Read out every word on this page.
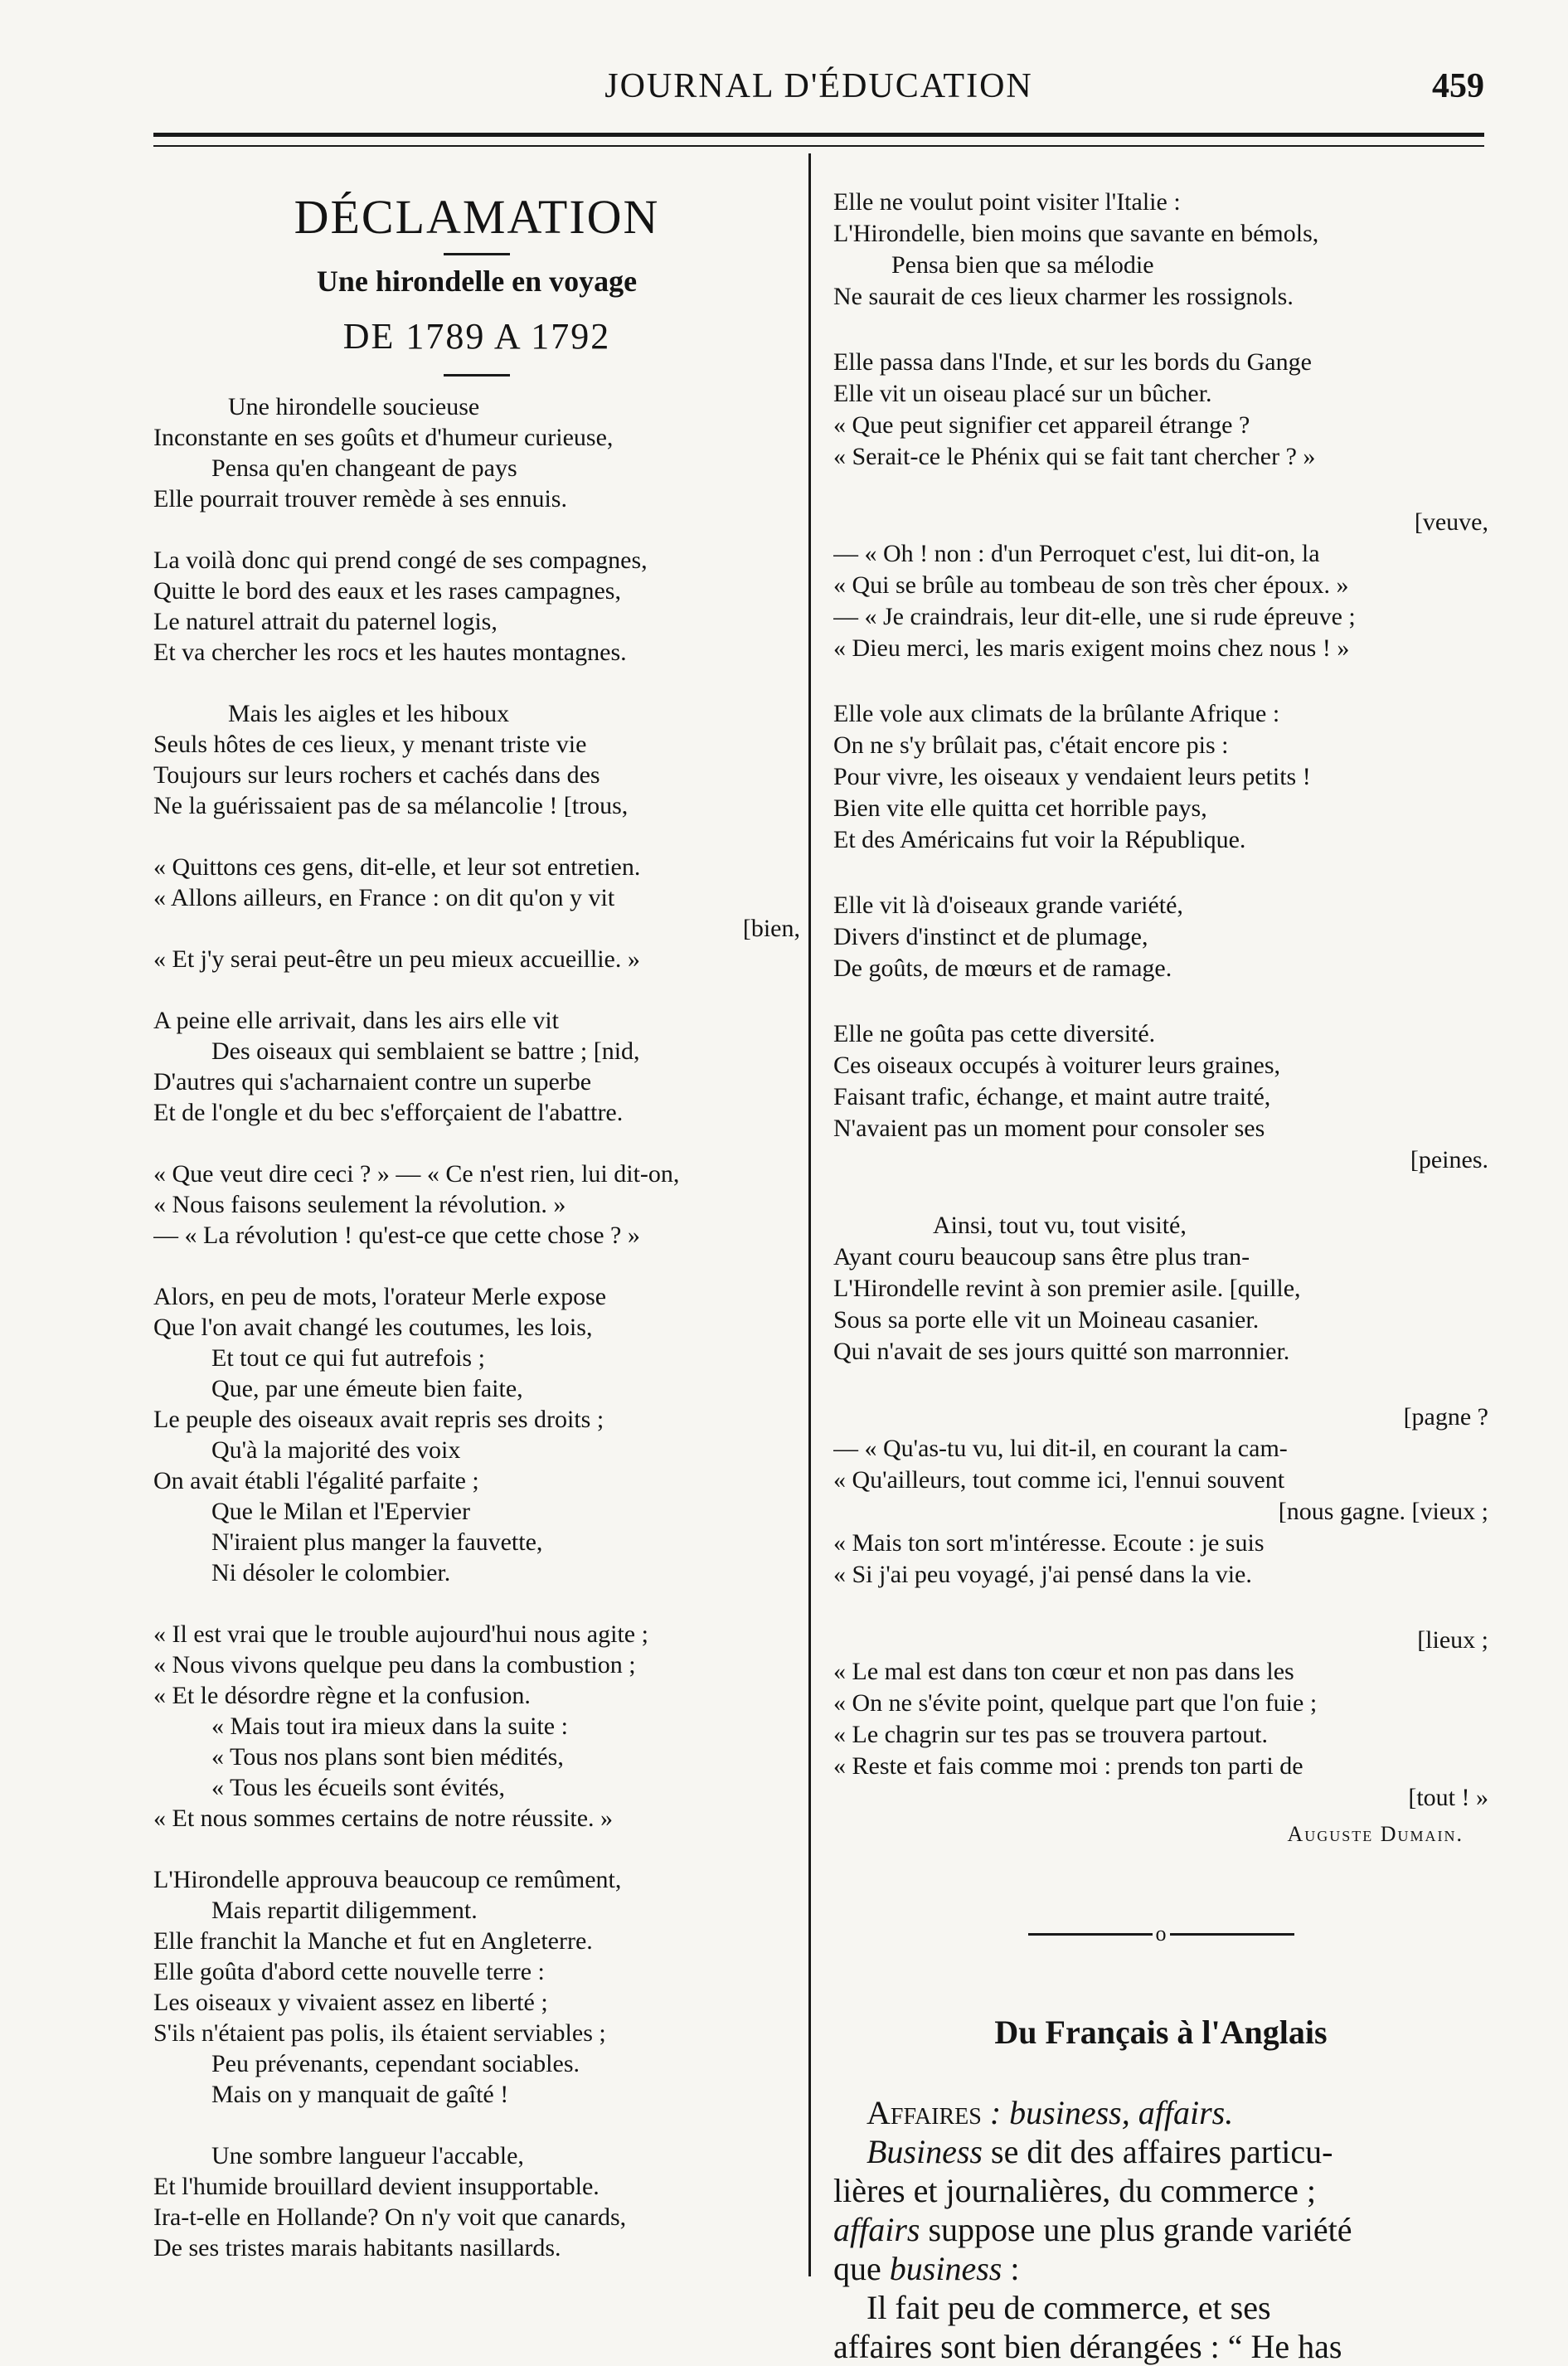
JOURNAL D'ÉDUCATION	459
DÉCLAMATION
Une hirondelle en voyage
DE 1789 A 1792
Une hirondelle soucieuse
Inconstante en ses goûts et d'humeur curieuse,
Pensa qu'en changeant de pays
Elle pourrait trouver remède à ses ennuis.
La voilà donc qui prend congé de ses compagnes,
Quitte le bord des eaux et les rases campagnes,
Le naturel attrait du paternel logis,
Et va chercher les rocs et les hautes montagnes.
Mais les aigles et les hiboux
Seuls hôtes de ces lieux, y menant triste vie
Toujours sur leurs rochers et cachés dans des
Ne la guérissaient pas de sa mélancolie ! [trous,
« Quittons ces gens, dit-elle, et leur sot entretien.
« Allons ailleurs, en France : on dit qu'on y vit
[bien,
« Et j'y serai peut-être un peu mieux accueillie. »
A peine elle arrivait, dans les airs elle vit
Des oiseaux qui semblaient se battre ; [nid,
D'autres qui s'acharnaient contre un superbe
Et de l'ongle et du bec s'efforçaient de l'abattre.
« Que veut dire ceci ? » — « Ce n'est rien, lui dit-on,
« Nous faisons seulement la révolution. »
— « La révolution ! qu'est-ce que cette chose ? »
Alors, en peu de mots, l'orateur Merle expose
Que l'on avait changé les coutumes, les lois,
Et tout ce qui fut autrefois ;
Que, par une émeute bien faite,
Le peuple des oiseaux avait repris ses droits ;
Qu'à la majorité des voix
On avait établi l'égalité parfaite ;
Que le Milan et l'Epervier
N'iraient plus manger la fauvette,
Ni désoler le colombier.
« Il est vrai que le trouble aujourd'hui nous agite ;
« Nous vivons quelque peu dans la combustion ;
« Et le désordre règne et la confusion.
« Mais tout ira mieux dans la suite :
« Tous nos plans sont bien médités,
« Tous les écueils sont évités,
« Et nous sommes certains de notre réussite. »
L'Hirondelle approuva beaucoup ce remûment,
Mais repartit diligemment.
Elle franchit la Manche et fut en Angleterre.
Elle goûta d'abord cette nouvelle terre :
Les oiseaux y vivaient assez en liberté ;
S'ils n'étaient pas polis, ils étaient serviables ;
Peu prévenants, cependant sociables.
Mais on y manquait de gaîté !
Une sombre langueur l'accable,
Et l'humide brouillard devient insupportable.
Ira-t-elle en Hollande? On n'y voit que canards,
De ses tristes marais habitants nasillards.
Elle ne voulut point visiter l'Italie :
L'Hirondelle, bien moins que savante en bémols,
Pensa bien que sa mélodie
Ne saurait de ces lieux charmer les rossignols.
Elle passa dans l'Inde, et sur les bords du Gange
Elle vit un oiseau placé sur un bûcher.
« Que peut signifier cet appareil étrange ?
« Serait-ce le Phénix qui se fait tant chercher ? »
[veuve,
— « Oh ! non : d'un Perroquet c'est, lui dit-on, la
« Qui se brûle au tombeau de son très cher époux. »
— « Je craindrais, leur dit-elle, une si rude épreuve ;
« Dieu merci, les maris exigent moins chez nous ! »
Elle vole aux climats de la brûlante Afrique :
On ne s'y brûlait pas, c'était encore pis :
Pour vivre, les oiseaux y vendaient leurs petits !
Bien vite elle quitta cet horrible pays,
Et des Américains fut voir la République.
Elle vit là d'oiseaux grande variété,
Divers d'instinct et de plumage,
De goûts, de mœurs et de ramage.
Elle ne goûta pas cette diversité.
Ces oiseaux occupés à voiturer leurs graines,
Faisant trafic, échange, et maint autre traité,
N'avaient pas un moment pour consoler ses
[peines.
Ainsi, tout vu, tout visité,
Ayant couru beaucoup sans être plus tran-
L'Hirondelle revint à son premier asile. [quille,
Sous sa porte elle vit un Moineau casanier.
Qui n'avait de ses jours quitté son marronnier.
[pagne ?
— « Qu'as-tu vu, lui dit-il, en courant la cam-
« Qu'ailleurs, tout comme ici, l'ennui souvent
[nous gagne. [vieux ;
« Mais ton sort m'intéresse. Ecoute : je suis
« Si j'ai peu voyagé, j'ai pensé dans la vie.
[lieux ;
« Le mal est dans ton cœur et non pas dans les
« On ne s'évite point, quelque part que l'on fuie ;
« Le chagrin sur tes pas se trouvera partout.
« Reste et fais comme moi : prends ton parti de
[tout ! »
Auguste Dumain.
o
Du Français à l'Anglais
Affaires : business, affairs.
Business se dit des affaires particu-
lières et journalières, du commerce ;
affairs suppose une plus grande variété
que business :
Il fait peu de commerce, et ses
affaires sont bien dérangées : “ He has
